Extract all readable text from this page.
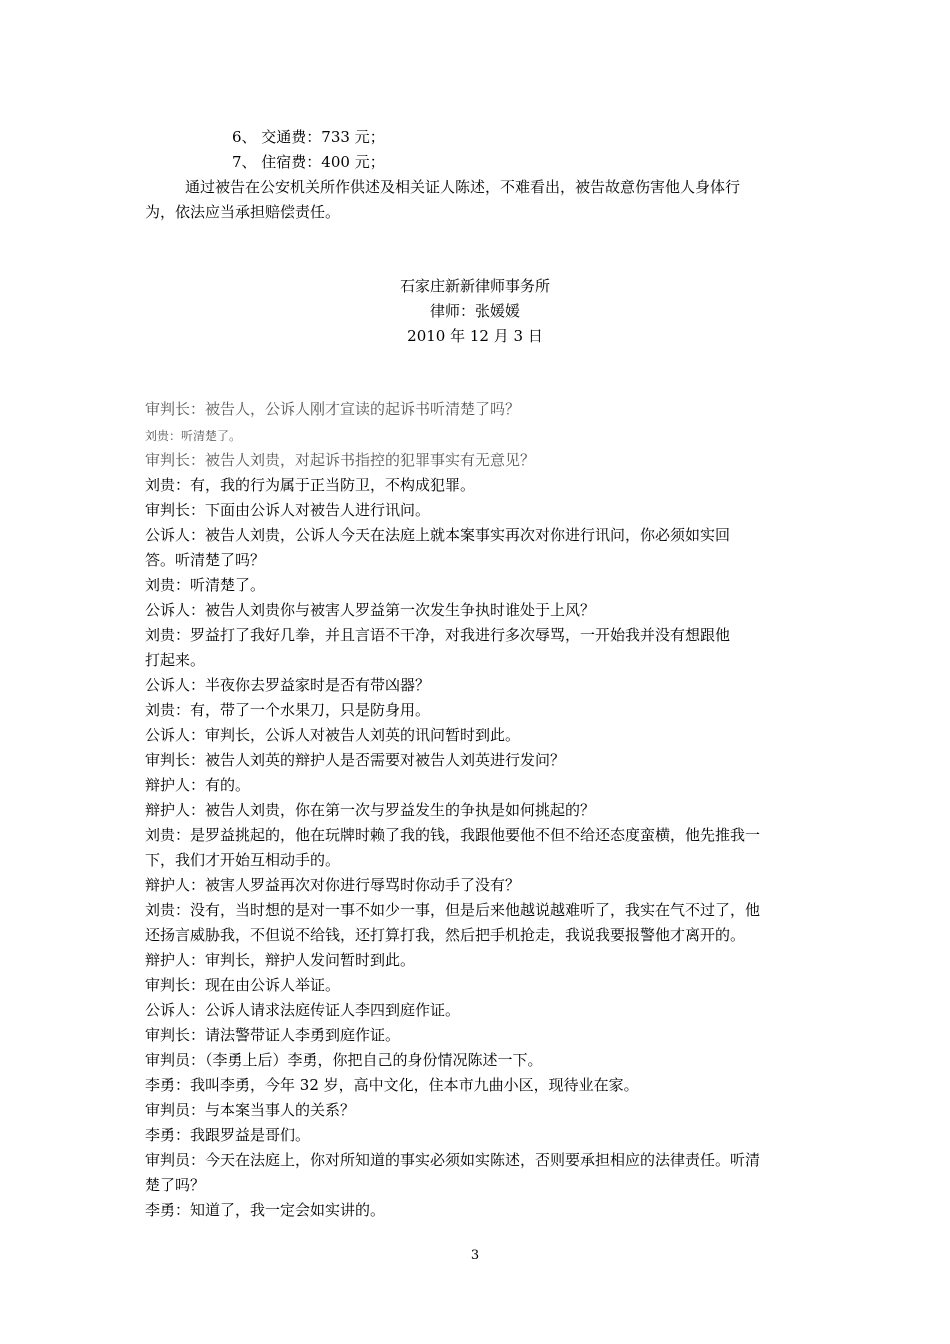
6、 交通费：733 元；
7、 住宿费：400 元；
通过被告在公安机关所作供述及相关证人陈述，不难看出，被告故意伤害他人身体行
为，依法应当承担赔偿责任。
石家庄新新律师事务所
律师：张媛媛
2010 年 12 月 3 日
审判长：被告人，公诉人刚才宣读的起诉书听清楚了吗？
刘贵：听清楚了。
审判长：被告人刘贵，对起诉书指控的犯罪事实有无意见？
刘贵：有，我的行为属于正当防卫，不构成犯罪。
审判长：下面由公诉人对被告人进行讯问。
公诉人：被告人刘贵，公诉人今天在法庭上就本案事实再次对你进行讯问，你必须如实回
答。听清楚了吗？
刘贵：听清楚了。
公诉人：被告人刘贵你与被害人罗益第一次发生争执时谁处于上风？
刘贵：罗益打了我好几拳，并且言语不干净，对我进行多次辱骂，一开始我并没有想跟他
打起来。
公诉人：半夜你去罗益家时是否有带凶器？
刘贵：有，带了一个水果刀，只是防身用。
公诉人：审判长，公诉人对被告人刘英的讯问暂时到此。
审判长：被告人刘英的辩护人是否需要对被告人刘英进行发问？
辩护人：有的。
辩护人：被告人刘贵，你在第一次与罗益发生的争执是如何挑起的？
刘贵：是罗益挑起的，他在玩牌时赖了我的钱，我跟他要他不但不给还态度蛮横，他先推我一
下，我们才开始互相动手的。
辩护人：被害人罗益再次对你进行辱骂时你动手了没有？
刘贵：没有，当时想的是对一事不如少一事，但是后来他越说越难听了，我实在气不过了，他
还扬言威胁我，不但说不给钱，还打算打我，然后把手机抢走，我说我要报警他才离开的。
辩护人：审判长，辩护人发问暂时到此。
审判长：现在由公诉人举证。
公诉人：公诉人请求法庭传证人李四到庭作证。
审判长：请法警带证人李勇到庭作证。
审判员：（李勇上后）李勇，你把自己的身份情况陈述一下。
李勇：我叫李勇，今年 32 岁，高中文化，住本市九曲小区，现待业在家。
审判员：与本案当事人的关系？
李勇：我跟罗益是哥们。
审判员：今天在法庭上，你对所知道的事实必须如实陈述，否则要承担相应的法律责任。听清
楚了吗？
李勇：知道了，我一定会如实讲的。
3
